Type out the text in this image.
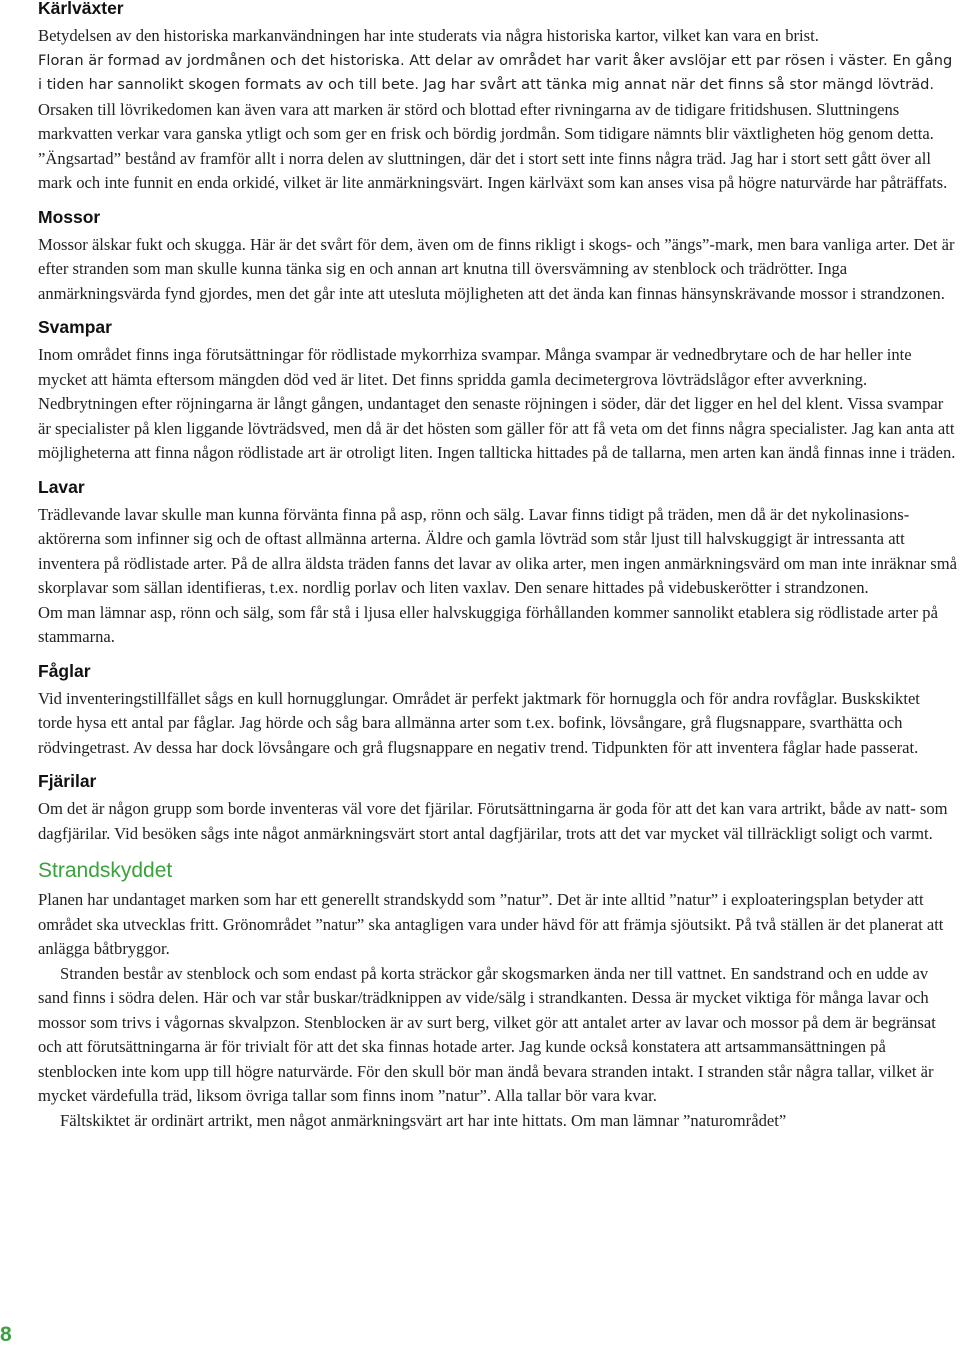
Kärlväxter

Betydelsen av den historiska markanvändningen har inte studerats via några historiska kartor, vilket kan vara en brist.

Floran är formad av jordmånen och det historiska. Att delar av området har varit åker avslöjar ett par rösen i väster. En gång i tiden har sannolikt skogen formats av och till bete. Jag har svårt att tänka mig annat när det finns så stor mängd lövträd.

Orsaken till lövrikedomen kan även vara att marken är störd och blottad efter rivningarna av de tidigare fritidshusen. Sluttningens markvatten verkar vara ganska ytligt och som ger en frisk och bördig jordmån. Som tidigare nämnts blir växtligheten hög genom detta. ”Ängsartad” bestånd av framför allt i norra delen av sluttningen, där det i stort sett inte finns några träd. Jag har i stort sett gått över all mark och inte funnit en enda orkidé, vilket är lite anmärkningsvärt. Ingen kärlväxt som kan anses visa på högre naturvärde har påträffats.

Mossor

Mossor älskar fukt och skugga. Här är det svårt för dem, även om de finns rikligt i skogs- och ”ängs”-mark, men bara vanliga arter. Det är efter stranden som man skulle kunna tänka sig en och annan art knutna till översvämning av stenblock och trädrötter. Inga anmärkningsvärda fynd gjordes, men det går inte att utesluta möjligheten att det ända kan finnas hänsynskrävande mossor i strandzonen.

Svampar

Inom området finns inga förutsättningar för rödlistade mykorrhiza svampar. Många svampar är vednedbrytare och de har heller inte mycket att hämta eftersom mängden död ved är litet. Det finns spridda gamla decimetergrova lövträdslågor efter avverkning. Nedbrytningen efter röjningarna är långt gången, undantaget den senaste röjningen i söder, där det ligger en hel del klent. Vissa svampar är specialister på klen liggande lövträdsved, men då är det hösten som gäller för att få veta om det finns några specialister. Jag kan anta att möjligheterna att finna någon rödlistade art är otroligt liten. Ingen tallticka hittades på de tallarna, men arten kan ändå finnas inne i träden.

Lavar

Trädlevande lavar skulle man kunna förvänta finna på asp, rönn och sälg. Lavar finns tidigt på träden, men då är det nykolinasions-aktörerna som infinner sig och de oftast allmänna arterna. Äldre och gamla lövträd som står ljust till halvskuggigt är intressanta att inventera på rödlistade arter. På de allra äldsta träden fanns det lavar av olika arter, men ingen anmärkningsvärd om man inte inräknar små skorplavar som sällan identifieras, t.ex. nordlig porlav och liten vaxlav. Den senare hittades på videbuskerötter i strandzonen.

Om man lämnar asp, rönn och sälg, som får stå i ljusa eller halvskuggiga förhållanden kommer sannolikt etablera sig rödlistade arter på stammarna.

Fåglar

Vid inventeringstillfället sågs en kull hornugglungar. Området är perfekt jaktmark för hornuggla och för andra rovfåglar. Buskskiktet torde hysa ett antal par fåglar. Jag hörde och såg bara allmänna arter som t.ex. bofink, lövsångare, grå flugsnappare, svarthätta och rödvingetrast. Av dessa har dock lövsångare och grå flugsnappare en negativ trend. Tidpunkten för att inventera fåglar hade passerat.

Fjärilar

Om det är någon grupp som borde inventeras väl vore det fjärilar. Förutsättningarna är goda för att det kan vara artrikt, både av natt- som dagfjärilar. Vid besöken sågs inte något anmärkningsvärt stort antal dagfjärilar, trots att det var mycket väl tillräckligt soligt och varmt.

Strandskyddet

Planen har undantaget marken som har ett generellt strandskydd som ”natur”. Det är inte alltid ”natur” i exploateringsplan betyder att området ska utvecklas fritt. Grönområdet ”natur” ska antagligen vara under hävd för att främja sjöutsikt. På två ställen är det planerat att anlägga båtbryggor.

Stranden består av stenblock och som endast på korta sträckor går skogsmarken ända ner till vattnet. En sandstrand och en udde av sand finns i södra delen. Här och var står buskar/trädknippen av vide/sälg i strandkanten. Dessa är mycket viktiga för många lavar och mossor som trivs i vågornas skvalpzon. Stenblocken är av surt berg, vilket gör att antalet arter av lavar och mossor på dem är begränsat och att förutsättningarna är för trivialt för att det ska finnas hotade arter. Jag kunde också konstatera att artsammansättningen på stenblocken inte kom upp till högre naturvärde. För den skull bör man ändå bevara stranden intakt. I stranden står några tallar, vilket är mycket värdefulla träd, liksom övriga tallar som finns inom ”natur”. Alla tallar bör vara kvar.

Fältskiktet är ordinärt artrikt, men något anmärkningsvärt art har inte hittats. Om man lämnar ”naturområdet”

8
